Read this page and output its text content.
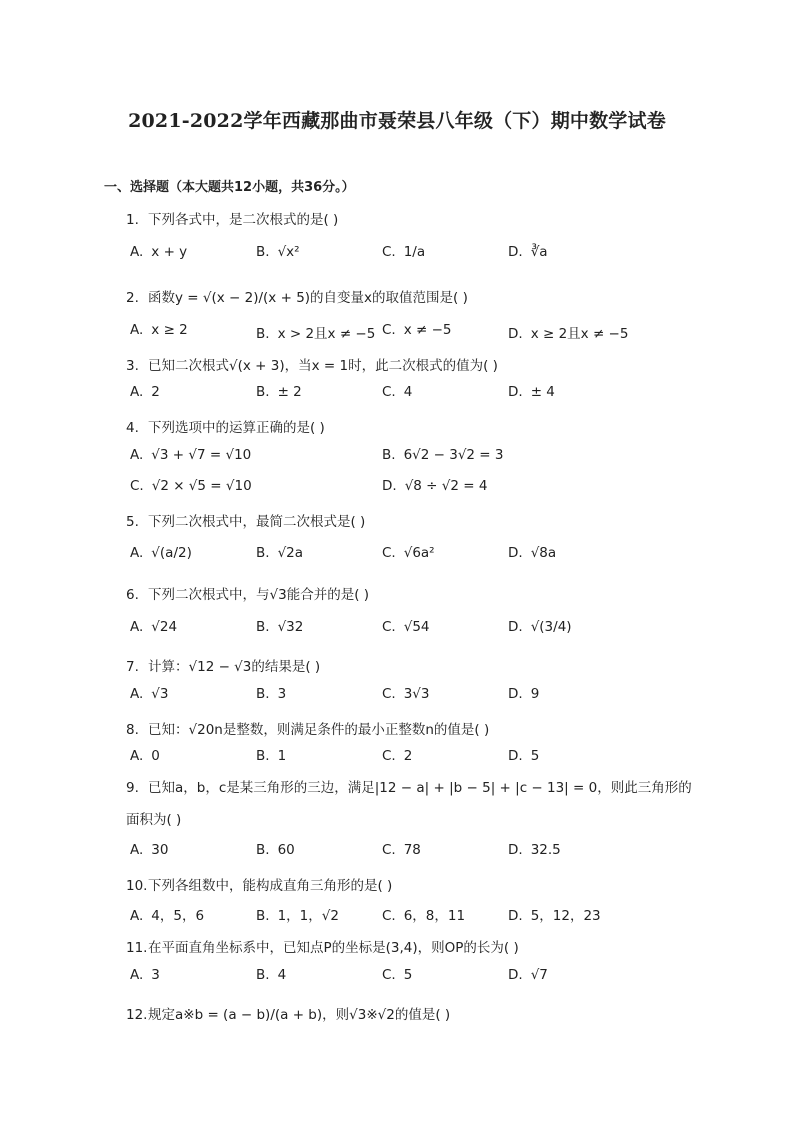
2021-2022学年西藏那曲市聂荣县八年级（下）期中数学试卷
一、选择题（本大题共12小题，共36分。）
1. 下列各式中，是二次根式的是( )
A. x + y	B. √x²	C. 1/a	D. ∛a
2. 函数y = √(x − 2)/(x + 5)的自变量x的取值范围是( )
A. x ≥ 2	B. x > 2且x ≠ −5 C. x ≠ −5	D. x ≥ 2且x ≠ −5
3. 已知二次根式√(x + 3)，当x = 1时，此二次根式的值为( )
A. 2	B. ± 2	C. 4	D. ± 4
4. 下列选项中的运算正确的是( )
A. √3 + √7 = √10	B. 6√2 − 3√2 = 3
C. √2 × √5 = √10	D. √8 ÷ √2 = 4
5. 下列二次根式中，最简二次根式是( )
A. √(a/2)	B. √2a	C. √6a²	D. √8a
6. 下列二次根式中，与√3能合并的是( )
A. √24	B. √32	C. √54	D. √(3/4)
7. 计算：√12 − √3的结果是( )
A. √3	B. 3	C. 3√3	D. 9
8. 已知：√20n是整数，则满足条件的最小正整数n的值是( )
A. 0	B. 1	C. 2	D. 5
9. 已知a，b，c是某三角形的三边，满足|12 − a| + |b − 5| + |c − 13| = 0，则此三角形的面积为( )
A. 30	B. 60	C. 78	D. 32.5
10.下列各组数中，能构成直角三角形的是( )
A. 4，5，6	B. 1，1，√2	C. 6，8，11	D. 5，12，23
11.在平面直角坐标系中，已知点P的坐标是(3,4)，则OP的长为( )
A. 3	B. 4	C. 5	D. √7
12.规定a※b = (a − b)/(a + b)，则√3※√2的值是( )
